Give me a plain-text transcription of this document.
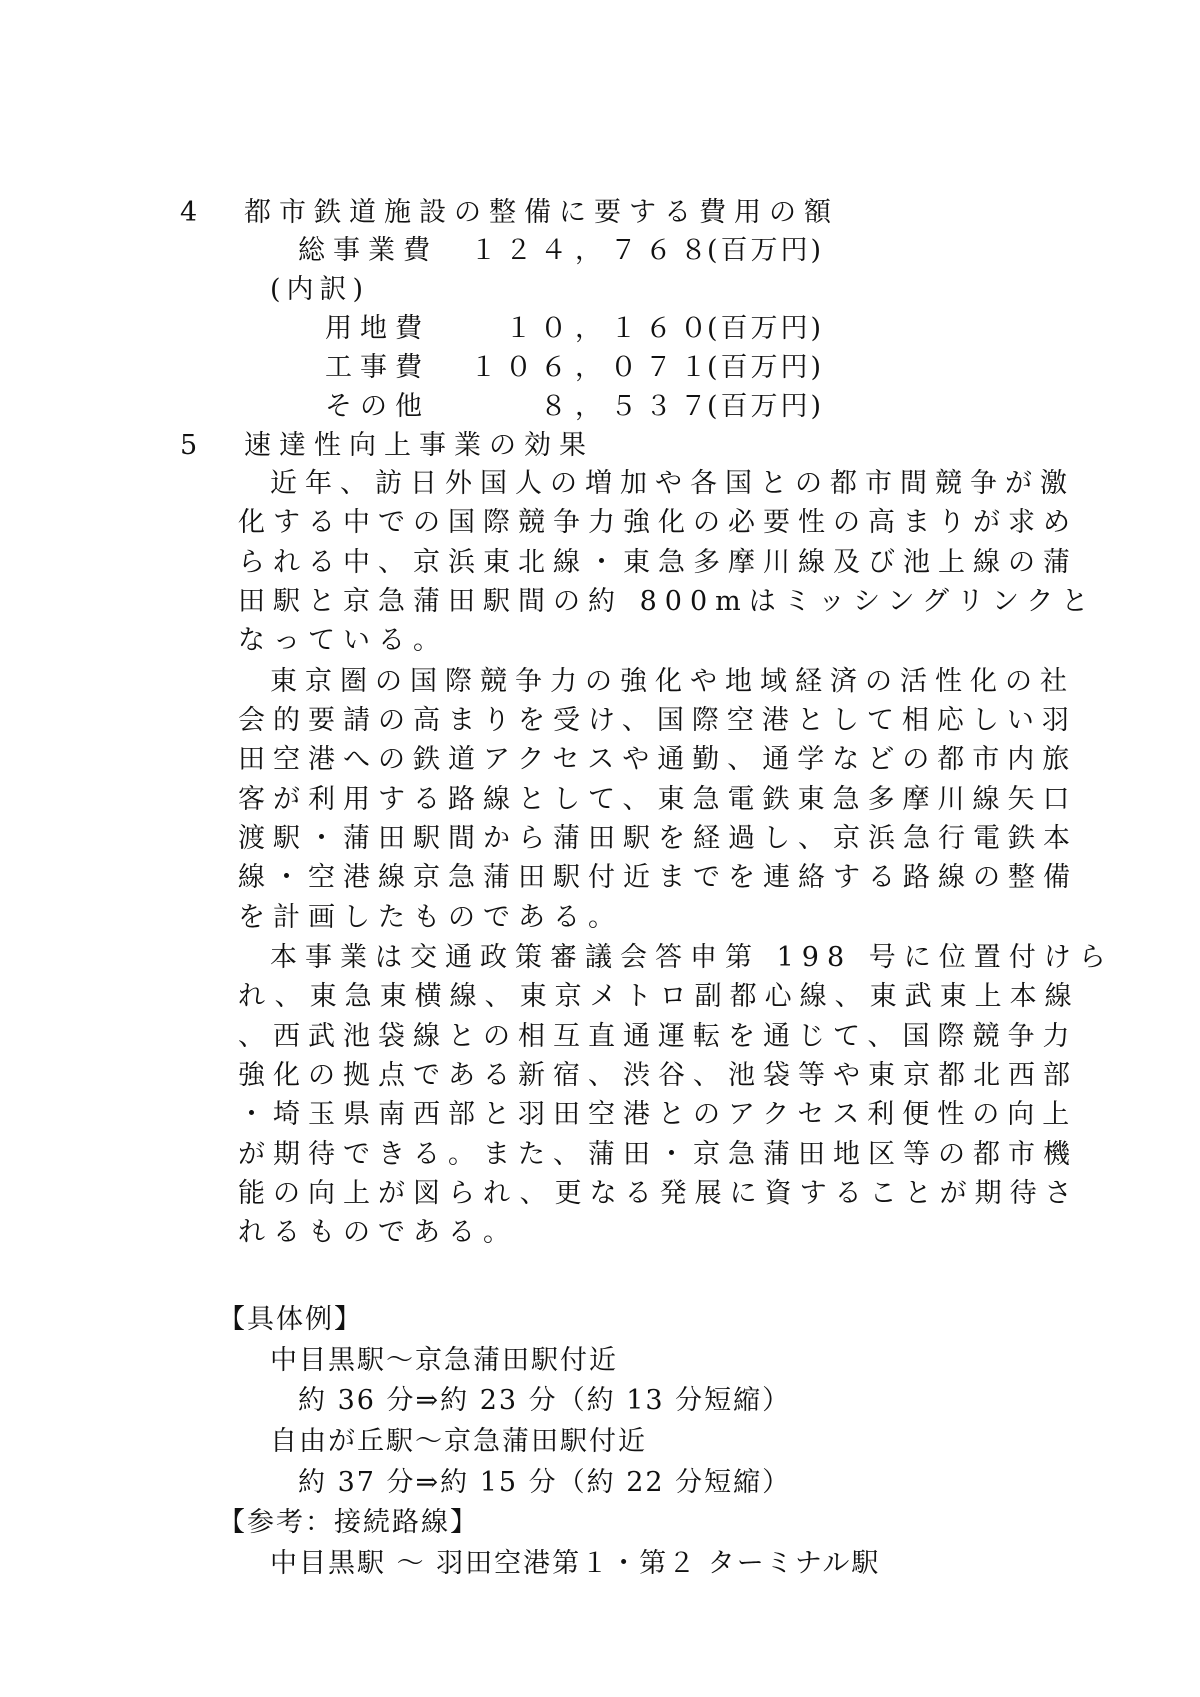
4 都市鉄道施設の整備に要する費用の額
総事業費 １２４，７６８
(百万円)
(内訳)
用地費	１０，１６０
(百万円)
工事費 １０６，０７１
(百万円)
その他	８，５３７
(百万円)
5 速達性向上事業の効果
近年、訪日外国人の増加や各国との都市間競争が激
化する中での国際競争力強化の必要性の高まりが求め
られる中、京浜東北線・東急多摩川線及び池上線の蒲
田駅と京急蒲田駅間の約 800mはミッシングリンクと
なっている。
東京圏の国際競争力の強化や地域経済の活性化の社
会的要請の高まりを受け、国際空港として相応しい羽
田空港への鉄道アクセスや通勤、通学などの都市内旅
客が利用する路線として、東急電鉄東急多摩川線矢口
渡駅・蒲田駅間から蒲田駅を経過し、京浜急行電鉄本
線・空港線京急蒲田駅付近までを連絡する路線の整備
を計画したものである。
本事業は交通政策審議会答申第 198 号に位置付けら
れ、東急東横線、東京メトロ副都心線、東武東上本線
、西武池袋線との相互直通運転を通じて、国際競争力
強化の拠点である新宿、渋谷、池袋等や東京都北西部
・埼玉県南西部と羽田空港とのアクセス利便性の向上
が期待できる。また、蒲田・京急蒲田地区等の都市機
能の向上が図られ、更なる発展に資することが期待さ
れるものである。
【具体例】
中目黒駅～京急蒲田駅付近
約 36 分⇒約 23 分（約 13 分短縮）
自由が丘駅～京急蒲田駅付近
約 37 分⇒約 15 分（約 22 分短縮）
【参考：接続路線】
中目黒駅 ～ 羽田空港第１・第２ ターミナル駅
